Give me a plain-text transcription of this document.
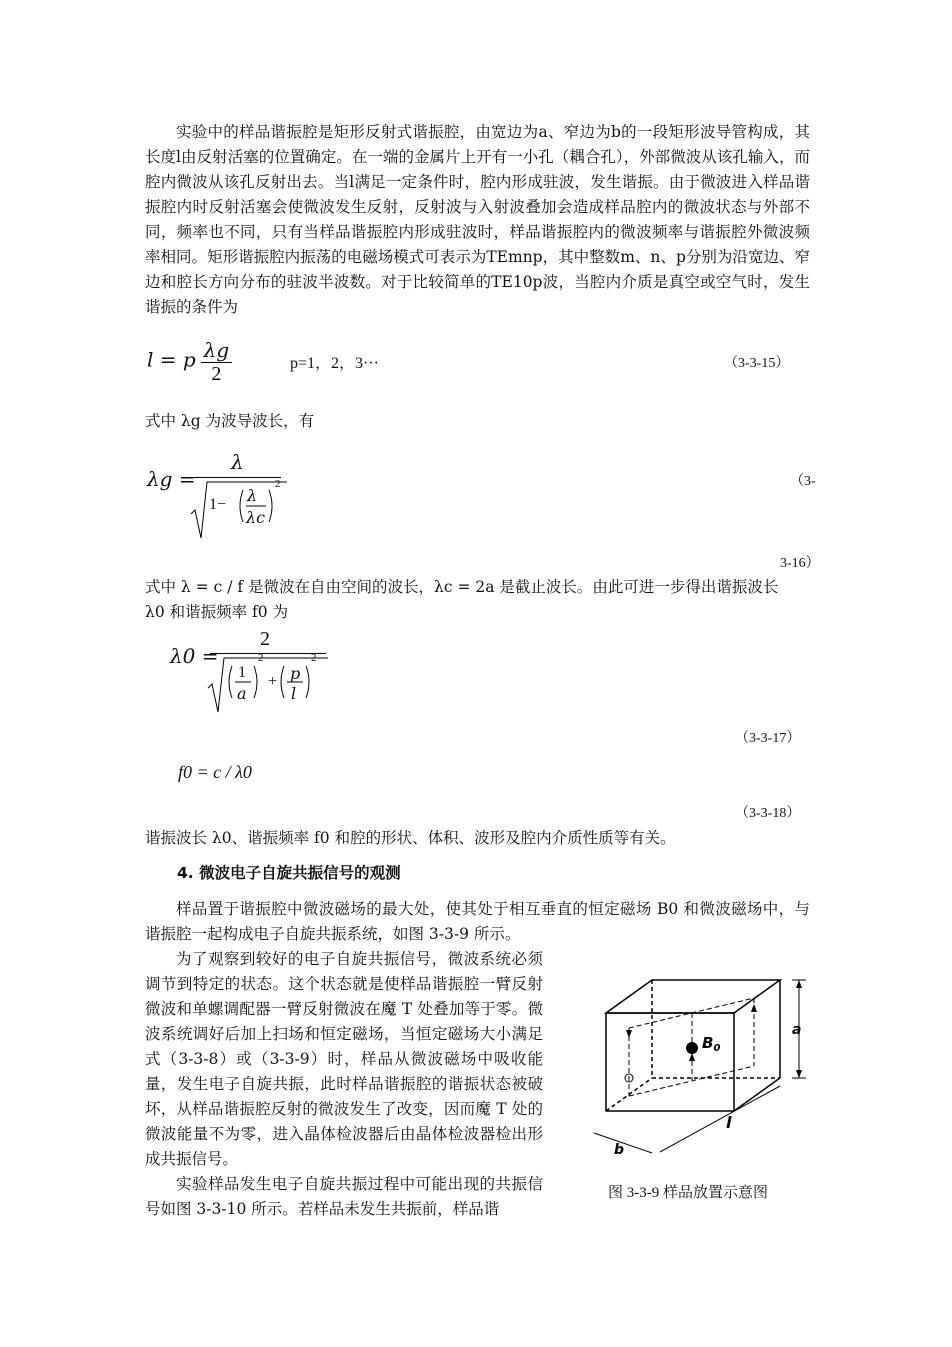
实验中的样品谐振腔是矩形反射式谐振腔，由宽边为a、窄边为b的一段矩形波导管构成，其长度l由反射活塞的位置确定。在一端的金属片上开有一小孔（耦合孔），外部微波从该孔输入，而腔内微波从该孔反射出去。当l满足一定条件时，腔内形成驻波，发生谐振。由于微波进入样品谐振腔内时反射活塞会使微波发生反射，反射波与入射波叠加会造成样品腔内的微波状态与外部不同，频率也不同，只有当样品谐振腔内形成驻波时，样品谐振腔内的微波频率与谐振腔外微波频率相同。矩形谐振腔内振荡的电磁场模式可表示为TEmnp，其中整数m、n、p分别为沿宽边、窄边和腔长方向分布的驻波半波数。对于比较简单的TE10p波，当腔内介质是真空或空气时，发生谐振的条件为

l = p $\frac{\lambda g}{2}$	p=1，2，3···	（3-3-15）

式中 λg 为波导波长，有

λg =
λ
1− λ
λc
2	（3-
3-16）

式中 λ = c / f 是微波在自由空间的波长，λc = 2a 是截止波长。由此可进一步得出谐振波长

λ0 和谐振频率 f0 为

λ0 =
2
1
a
2
+ p
l
2
（3-3-17）
f0 = c / λ0
（3-3-18）

谐振波长 λ0、谐振频率 f0 和腔的形状、体积、波形及腔内介质性质等有关。

4. 微波电子自旋共振信号的观测

样品置于谐振腔中微波磁场的最大处，使其处于相互垂直的恒定磁场 B0 和微波磁场中，与谐振腔一起构成电子自旋共振系统，如图 3-3-9 所示。

为了观察到较好的电子自旋共振信号，微波系统必须调节到特定的状态。这个状态就是使样品谐振腔一臂反射微波和单螺调配器一臂反射微波在魔 T 处叠加等于零。微波系统调好后加上扫场和恒定磁场，当恒定磁场大小满足式（3-3-8）或（3-3-9）时，样品从微波磁场中吸收能量，发生电子自旋共振，此时样品谐振腔的谐振状态被破坏，从样品谐振腔反射的微波发生了改变，因而魔 T 处的微波能量不为零，进入晶体检波器后由晶体检波器检出形成共振信号。

实验样品发生电子自旋共振过程中可能出现的共振信号如图 3-3-10 所示。若样品未发生共振前，样品谐

$B_0$
a
b
l
图 3-3-9 样品放置示意图
